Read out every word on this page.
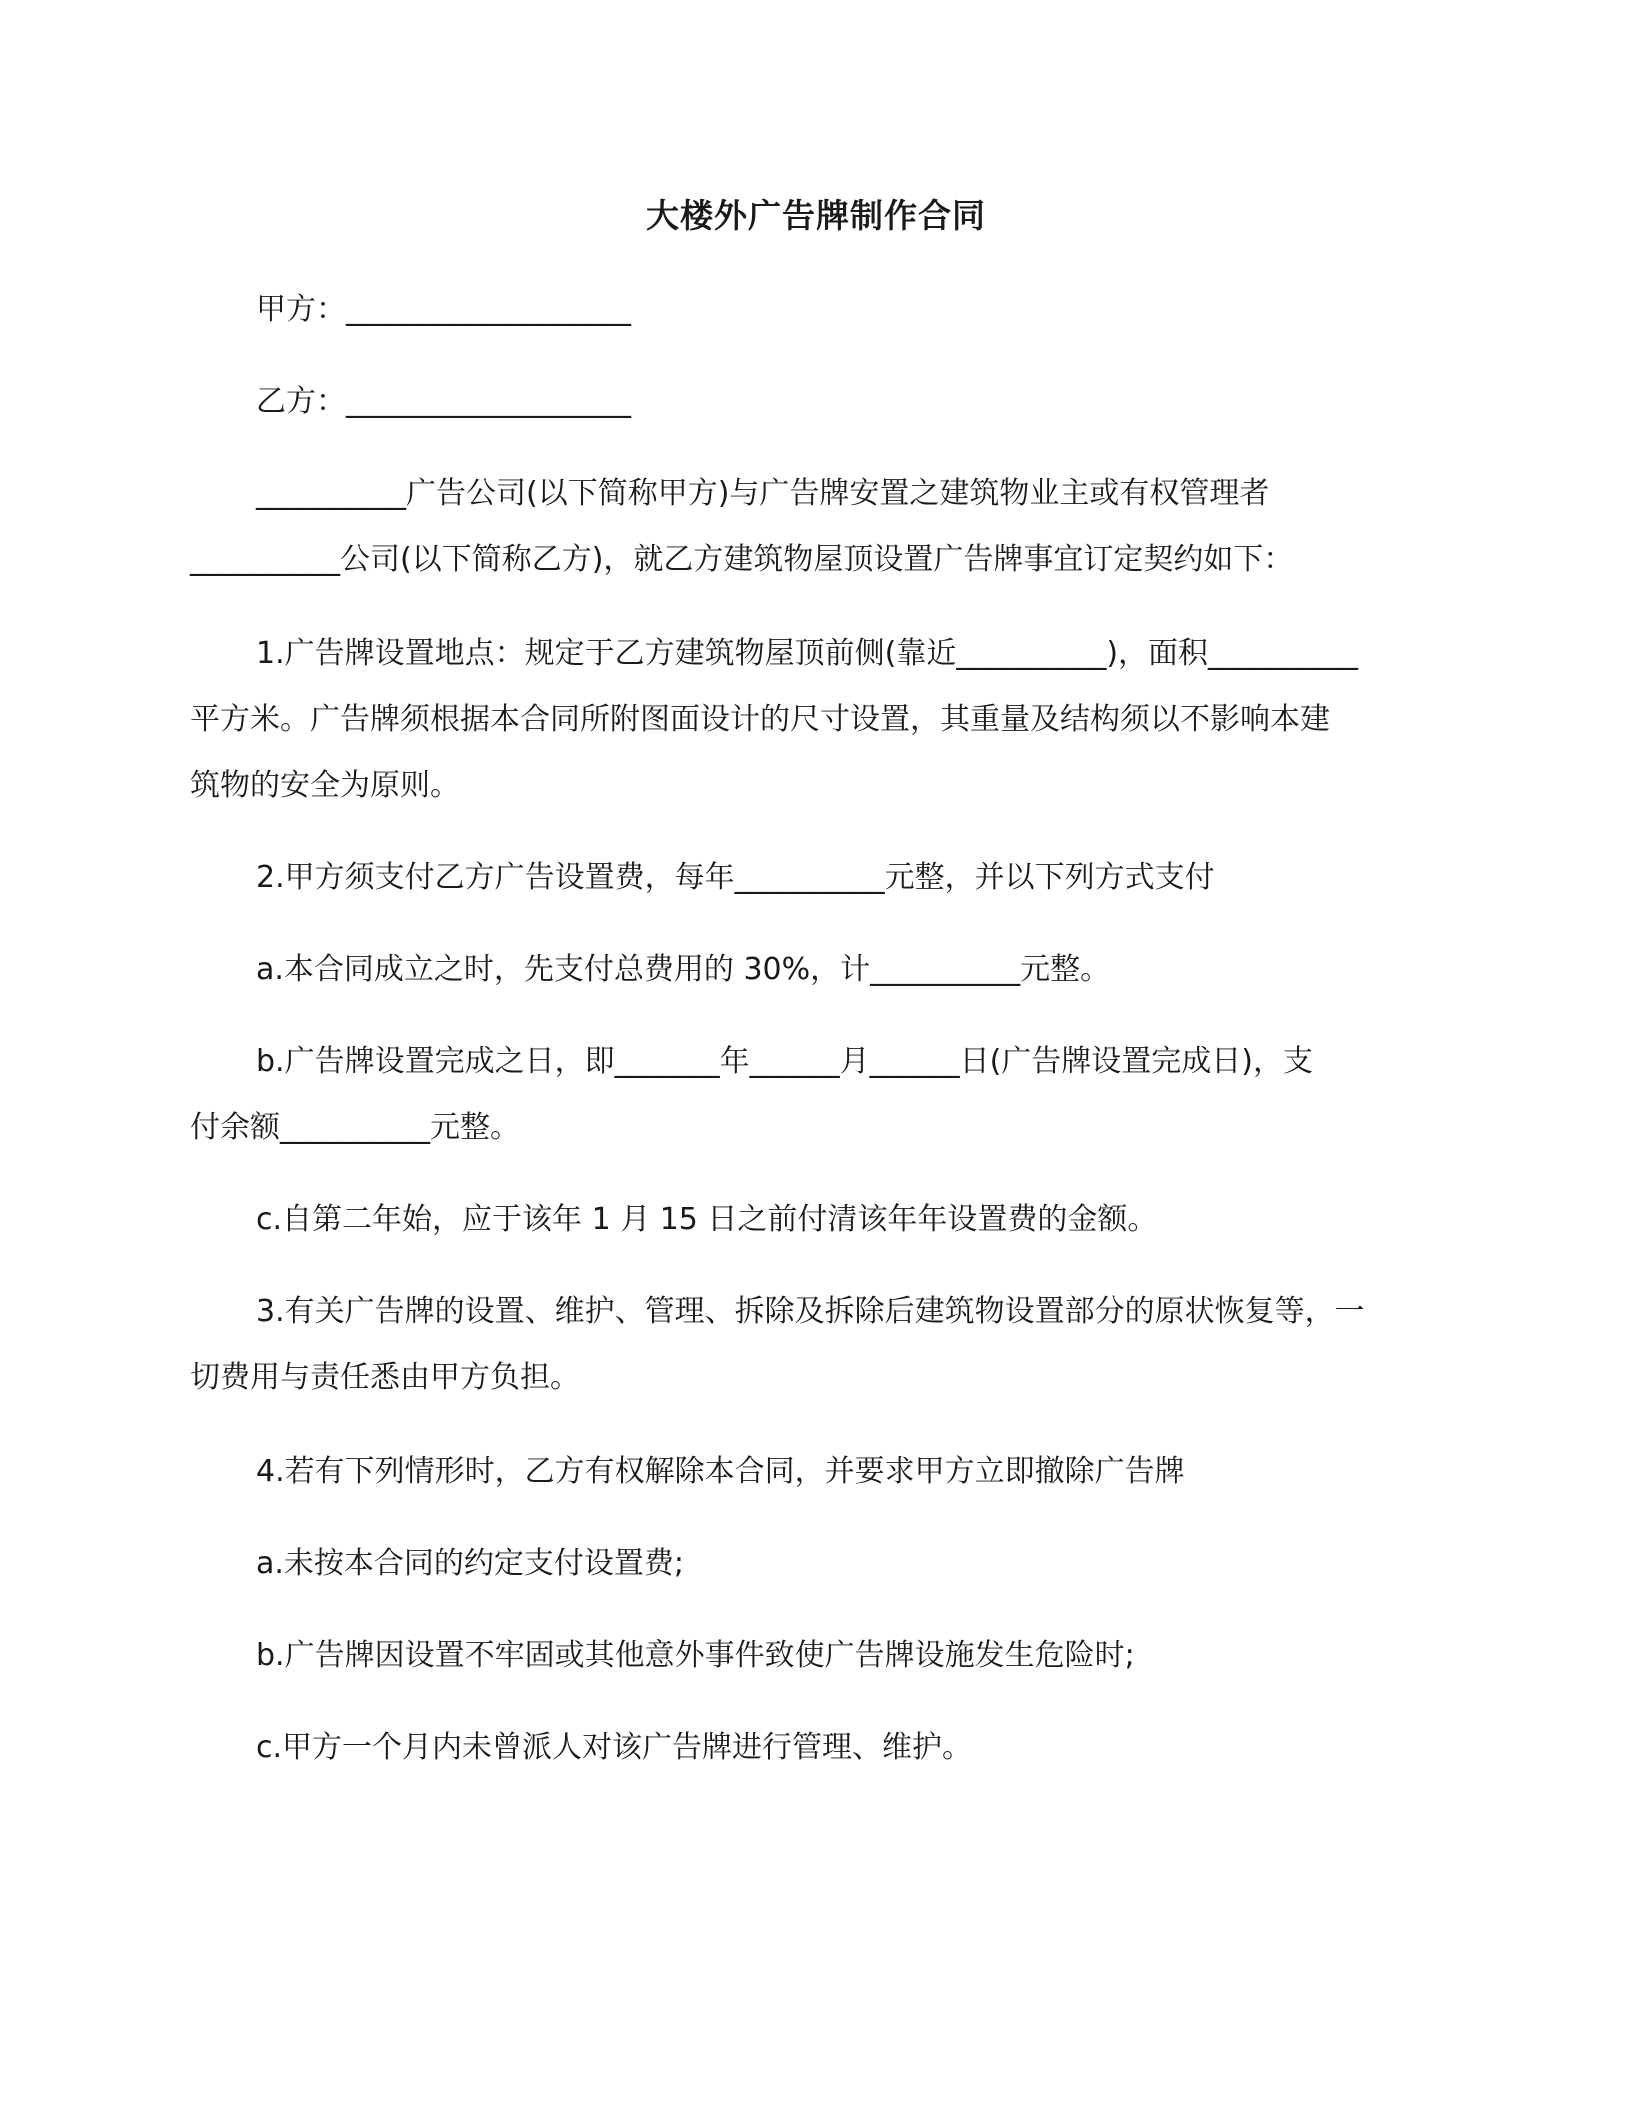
大楼外广告牌制作合同
甲方：___________________
乙方：___________________
__________广告公司(以下简称甲方)与广告牌安置之建筑物业主或有权管理者
__________公司(以下简称乙方)，就乙方建筑物屋顶设置广告牌事宜订定契约如下：
1.广告牌设置地点：规定于乙方建筑物屋顶前侧(靠近__________)，面积__________
平方米。广告牌须根据本合同所附图面设计的尺寸设置，其重量及结构须以不影响本建
筑物的安全为原则。
2.甲方须支付乙方广告设置费，每年__________元整，并以下列方式支付
a.本合同成立之时，先支付总费用的 30%，计__________元整。
b.广告牌设置完成之日，即_______年______月______日(广告牌设置完成日)，支
付余额__________元整。
c.自第二年始，应于该年 1 月 15 日之前付清该年年设置费的金额。
3.有关广告牌的设置、维护、管理、拆除及拆除后建筑物设置部分的原状恢复等，一
切费用与责任悉由甲方负担。
4.若有下列情形时，乙方有权解除本合同，并要求甲方立即撤除广告牌
a.未按本合同的约定支付设置费;
b.广告牌因设置不牢固或其他意外事件致使广告牌设施发生危险时;
c.甲方一个月内未曾派人对该广告牌进行管理、维护。
